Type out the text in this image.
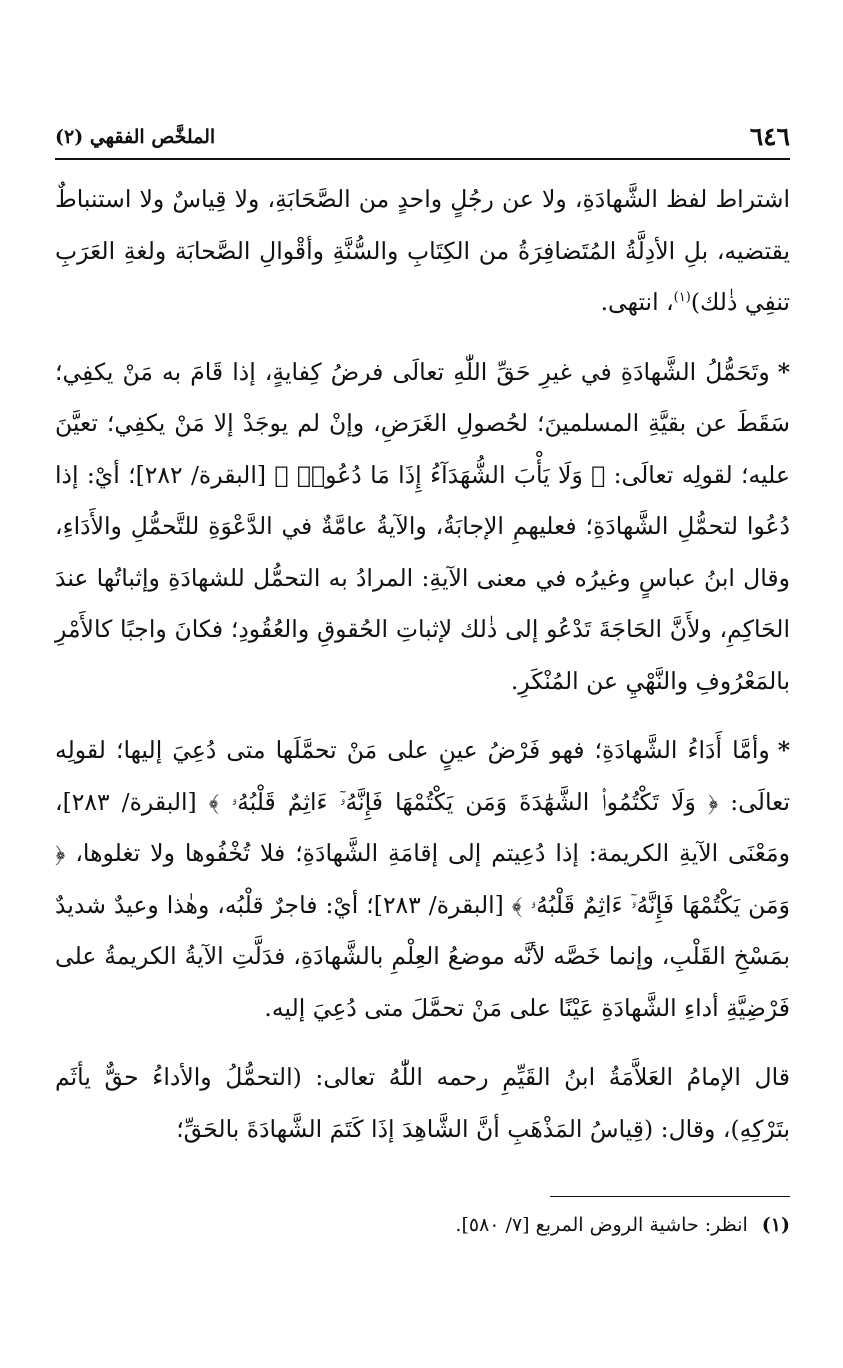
٦٤٦
الملخَّص الفقهي (٢)

اشتراط لفظ الشَّهادَةِ، ولا عن رجُلٍ واحدٍ من الصَّحَابَةِ، ولا قِياسٌ ولا استنباطٌ يقتضيه، بلِ الأدِلَّةُ المُتَضافِرَةُ من الكِتَابِ والسُّنَّةِ وأقْوالِ الصَّحابَة ولغةِ العَرَبِ تنفِي ذٰلك)$^{(١)}$، انتهى.

*وتَحَمُّلُ الشَّهادَةِ في غيرِ حَقِّ اللّٰهِ تعالَى فرضُ كِفايةٍ، إذا قَامَ به مَنْ يكفِي؛ سَقَطَ عن بقيَّةِ المسلمينَ؛ لحُصولِ الغَرَضِ، وإنْ لم يوجَدْ إلا مَنْ يكفِي؛ تعيَّنَ عليه؛ لقولِه تعالَى: ﴿ وَلَا يَأْبَ الشُّهَدَآءُ إِذَا مَا دُعُوا۟ ﴾ [البقرة/ ٢٨٢]؛ أيْ: إذا دُعُوا لتحمُّلِ الشَّهادَةِ؛ فعليهمِ الإجابَةُ، والآيةُ عامَّةٌ في الدَّعْوَةِ للتَّحمُّلِ والأَدَاءِ، وقال ابنُ عباسٍ وغيرُه في معنى الآيةِ: المرادُ به التحمُّل للشهادَةِ وإثباتُها عندَ الحَاكِمِ، ولأَنَّ الحَاجَةَ تَدْعُو إلى ذٰلك لإثباتِ الحُقوقِ والعُقُودِ؛ فكانَ واجبًا كالأَمْرِ بالمَعْرُوفِ والنَّهْيِ عن المُنْكَرِ.

*وأمَّا أَدَاءُ الشَّهادَةِ؛ فهو فَرْضُ عينٍ على مَنْ تحمَّلَها متى دُعِيَ إليها؛ لقولِه تعالَى: ﴿ وَلَا تَكْتُمُوا۟ الشَّهَٰدَةَ وَمَن يَكْتُمْهَا فَإِنَّهُۥٓ ءَاثِمٌ قَلْبُهُۥ ﴾ [البقرة/ ٢٨٣]، ومَعْنَى الآيةِ الكريمة: إذا دُعِيتم إلى إقامَةِ الشَّهادَةِ؛ فلا تُخْفُوها ولا تغلوها، ﴿ وَمَن يَكْتُمْهَا فَإِنَّهُۥٓ ءَاثِمٌ قَلْبُهُۥ ﴾ [البقرة/ ٢٨٣]؛ أيْ: فاجرٌ قلْبُه، وهٰذا وعيدٌ شديدٌ بمَسْخِ القَلْبِ، وإنما خَصَّه لأنَّه موضعُ العِلْمِ بالشَّهادَةِ، فدَلَّتِ الآيةُ الكريمةُ على فَرْضِيَّةِ أداءِ الشَّهادَةِ عَيْنًا على مَنْ تحمَّلَ متى دُعِيَ إليه.

قال الإمامُ العَلاَّمَةُ ابنُ القَيِّمِ رحمه اللّٰهُ تعالى: (التحمُّلُ والأداءُ حقٌّ يأثَم بتَرْكِهِ)، وقال: (قِياسُ المَذْهَبِ أنَّ الشَّاهِدَ إذَا كَتَمَ الشَّهادَةَ بالحَقِّ؛

(١)انظر: حاشية الروض المربع [٧/ ٥٨٠].
